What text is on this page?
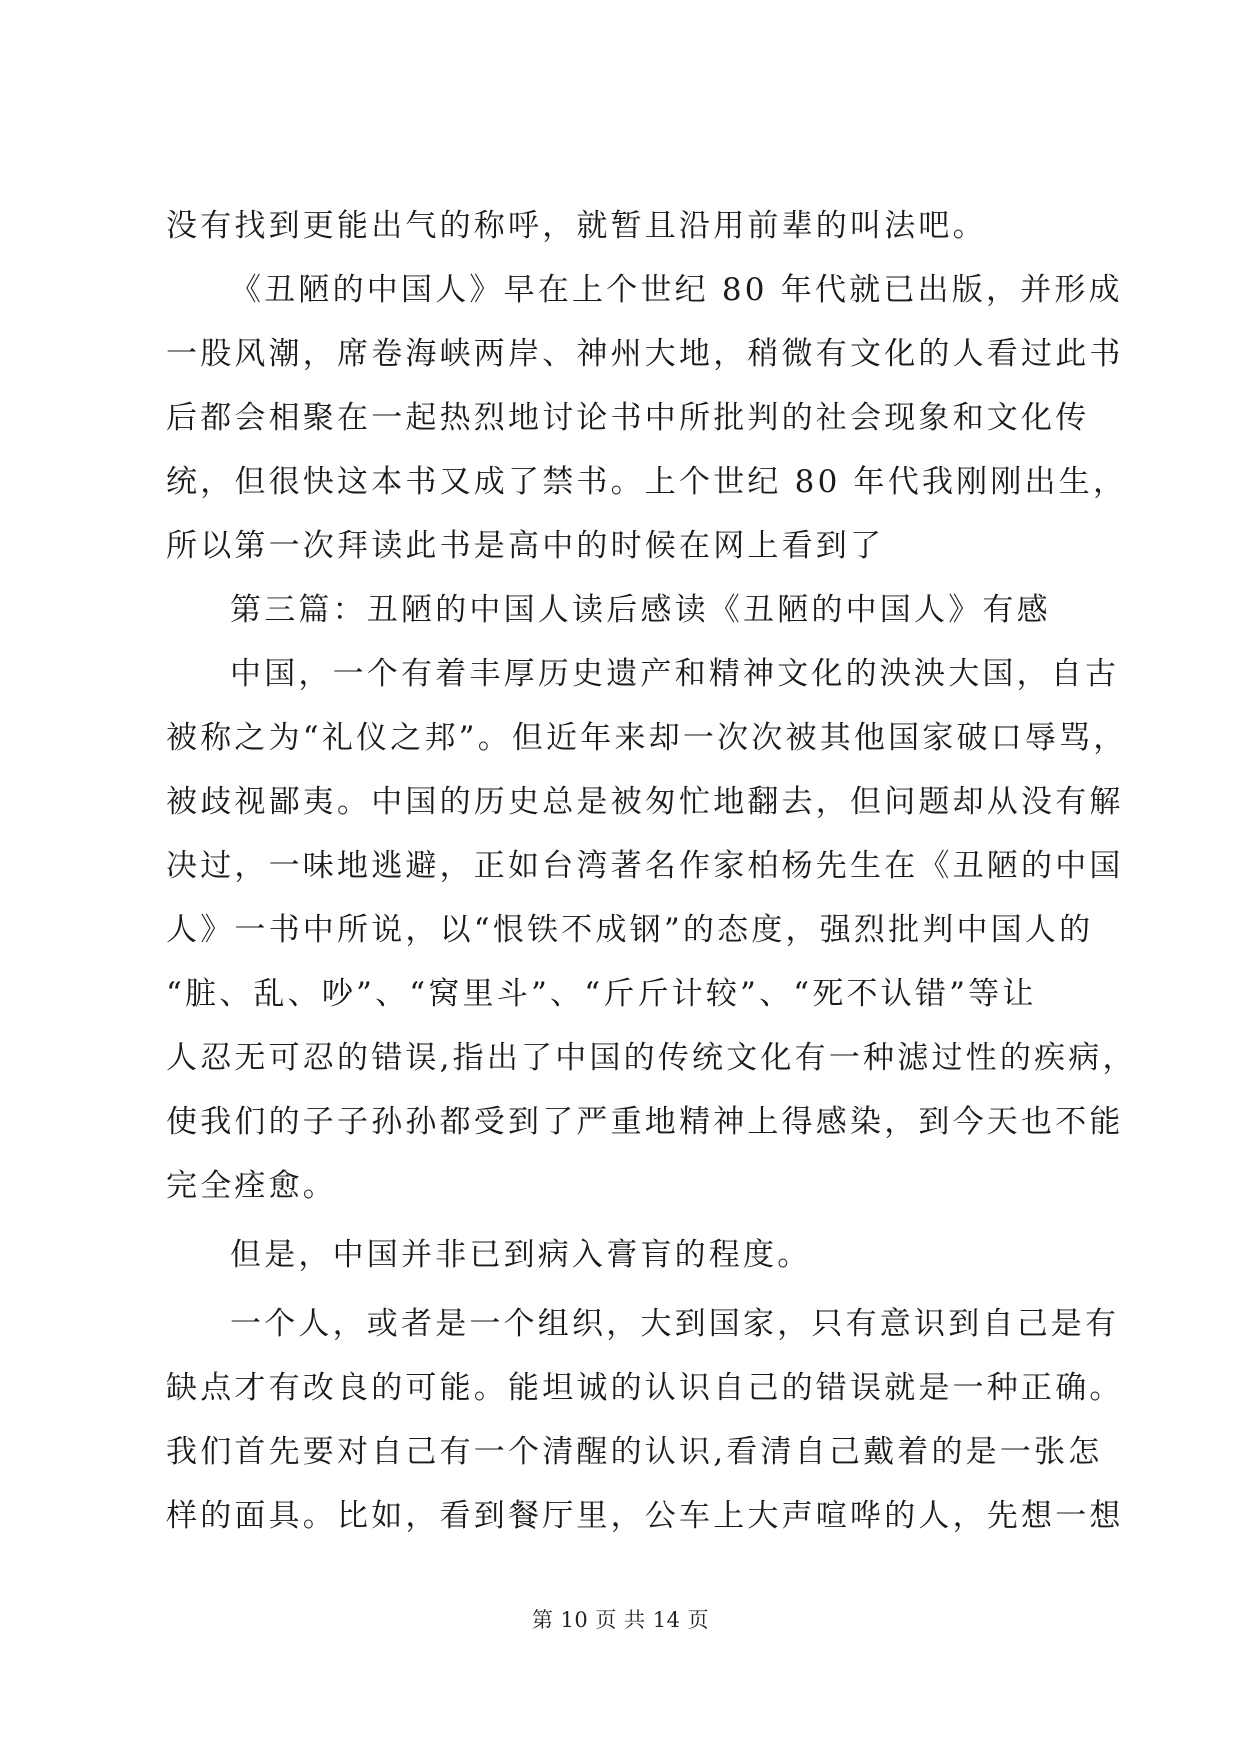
没有找到更能出气的称呼，就暂且沿用前辈的叫法吧。
《丑陋的中国人》早在上个世纪 80 年代就已出版，并形成
一股风潮，席卷海峡两岸、神州大地，稍微有文化的人看过此书
后都会相聚在一起热烈地讨论书中所批判的社会现象和文化传
统，但很快这本书又成了禁书。上个世纪 80 年代我刚刚出生，
所以第一次拜读此书是高中的时候在网上看到了
第三篇：丑陋的中国人读后感读《丑陋的中国人》有感
中国，一个有着丰厚历史遗产和精神文化的泱泱大国，自古
被称之为“礼仪之邦”。但近年来却一次次被其他国家破口辱骂，
被歧视鄙夷。中国的历史总是被匆忙地翻去，但问题却从没有解
决过，一味地逃避，正如台湾著名作家柏杨先生在《丑陋的中国
人》一书中所说，以“恨铁不成钢”的态度，强烈批判中国人的
“脏、乱、吵”、“窝里斗”、“斤斤计较”、“死不认错”等让
人忍无可忍的错误,指出了中国的传统文化有一种滤过性的疾病，
使我们的子子孙孙都受到了严重地精神上得感染，到今天也不能
完全痊愈。
但是，中国并非已到病入膏肓的程度。
一个人，或者是一个组织，大到国家，只有意识到自己是有
缺点才有改良的可能。能坦诚的认识自己的错误就是一种正确。
我们首先要对自己有一个清醒的认识,看清自己戴着的是一张怎
样的面具。比如，看到餐厅里，公车上大声喧哗的人，先想一想
第 10 页 共 14 页
